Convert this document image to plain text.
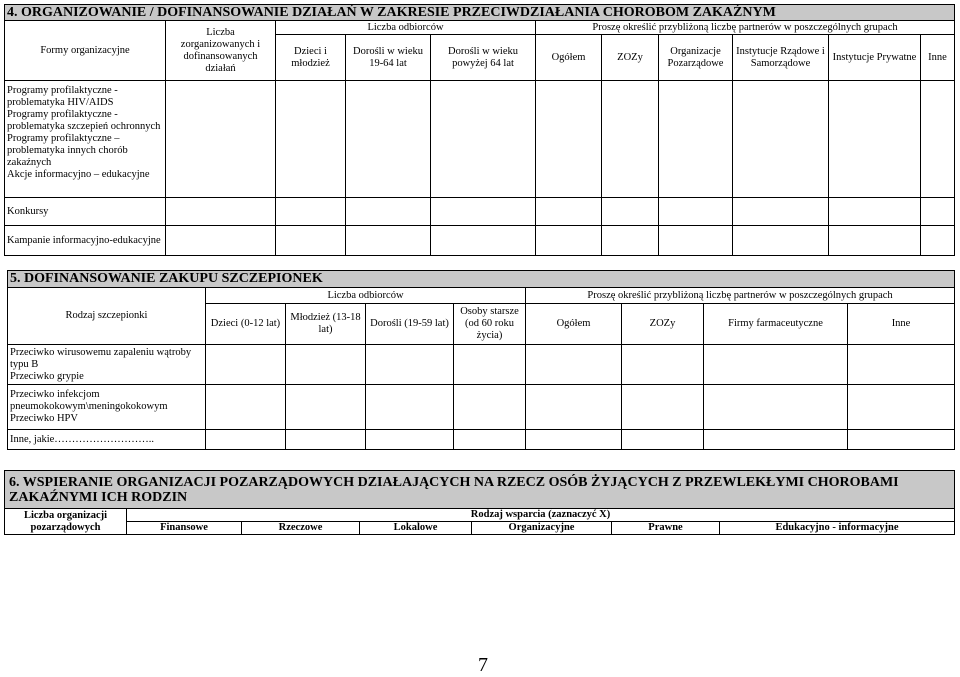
4. ORGANIZOWANIE / DOFINANSOWANIE DZIAŁAŃ W ZAKRESIE PRZECIWDZIAŁANIA CHOROBOM ZAKAŹNYM										
Formy organizacyjne	Liczba zorganizowanych i dofinansowanych działań	Liczba odbiorców			Proszę określić przybliżoną liczbę partnerów w poszczególnych grupach					
		Dzieci i młodzież	Dorośli w wieku 19-64 lat	Dorośli w wieku powyżej 64 lat	Ogółem	ZOZy	Organizacje Pozarządowe	Instytucje Rządowe i Samorządowe	Instytucje Prywatne	Inne

Programy profilaktyczne - problematyka HIV/AIDS
Programy profilaktyczne - problematyka szczepień ochronnych
Programy profilaktyczne – problematyka innych chorób zakaźnych
Akcje informacyjno – edukacyjne										

Konkursy										
Kampanie informacyjno-edukacyjne										
5. DOFINANSOWANIE ZAKUPU SZCZEPIONEK								
Rodzaj szczepionki	Liczba odbiorców				Proszę określić przybliżoną liczbę partnerów w poszczególnych grupach			
	Dzieci (0-12 lat)	Młodzież (13-18 lat)	Dorośli (19-59 lat)	Osoby starsze (od 60 roku życia)	Ogółem	ZOZy	Firmy farmaceutyczne	Inne

Przeciwko wirusowemu zapaleniu wątroby typu B
Przeciwko grypie								

Przeciwko infekcjom pneumokokowym\meningokokowym
Przeciwko HPV								

Inne, jakie………………………..								
6. WSPIERANIE ORGANIZACJI POZARZĄDOWYCH DZIAŁAJĄCYCH NA RZECZ OSÓB ŻYJĄCYCH Z PRZEWLEKŁYMI CHOROBAMI ZAKAŹNYMI ICH RODZIN						
Liczba organizacji pozarządowych	Rodzaj wsparcia (zaznaczyć X)					
	Finansowe	Rzeczowe	Lokalowe	Organizacyjne	Prawne	Edukacyjno - informacyjne
7
